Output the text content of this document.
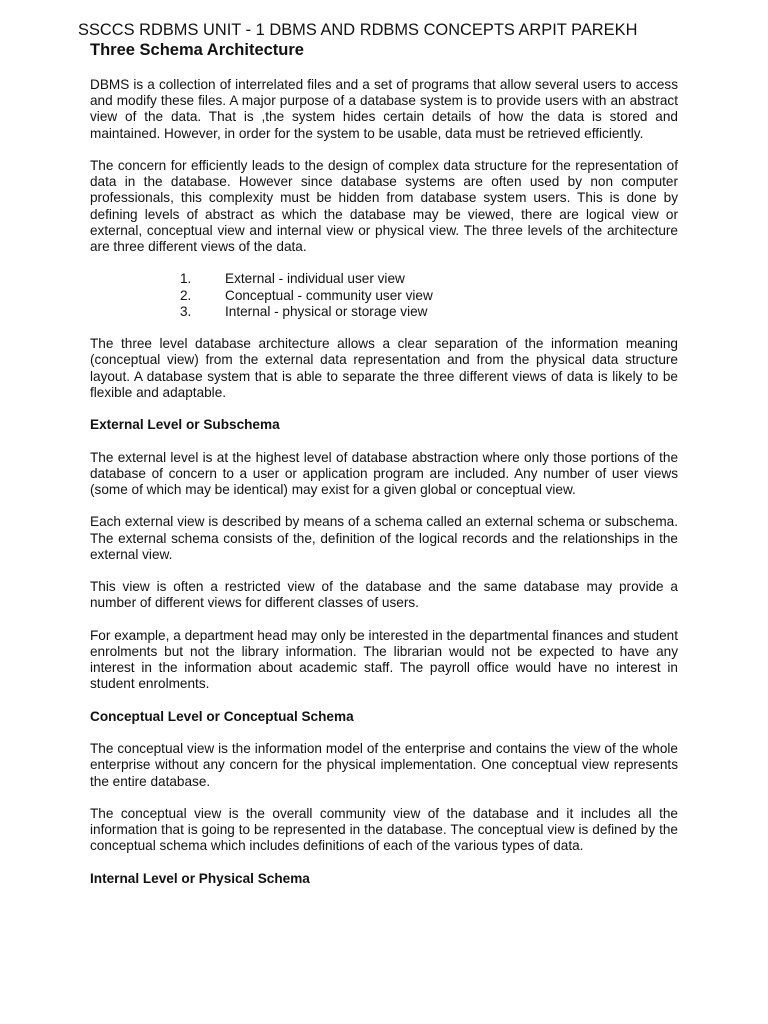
SSCCS RDBMS UNIT - 1 DBMS AND RDBMS CONCEPTS ARPIT PAREKH
Three Schema Architecture

DBMS is a collection of interrelated files and a set of programs that allow several users to access and modify these files. A major purpose of a database system is to provide users with an abstract view of the data. That is ,the system hides certain details of how the data is stored and maintained. However, in order for the system to be usable, data must be retrieved efficiently.

The concern for efficiently leads to the design of complex data structure for the representation of data in the database. However since database systems are often used by non computer professionals, this complexity must be hidden from database system users. This is done by defining levels of abstract as which the database may be viewed, there are logical view or external, conceptual view and internal view or physical view. The three levels of the architecture are three different views of the data.

1. External - individual user view
2. Conceptual - community user view
3. Internal - physical or storage view

The three level database architecture allows a clear separation of the information meaning (conceptual view) from the external data representation and from the physical data structure layout. A database system that is able to separate the three different views of data is likely to be flexible and adaptable.

External Level or Subschema

The external level is at the highest level of database abstraction where only those portions of the database of concern to a user or application program are included. Any number of user views (some of which may be identical) may exist for a given global or conceptual view.

Each external view is described by means of a schema called an external schema or subschema. The external schema consists of the, definition of the logical records and the relationships in the external view.

This view is often a restricted view of the database and the same database may provide a number of different views for different classes of users.

For example, a department head may only be interested in the departmental finances and student enrolments but not the library information. The librarian would not be expected to have any interest in the information about academic staff. The payroll office would have no interest in student enrolments.

Conceptual Level or Conceptual Schema

The conceptual view is the information model of the enterprise and contains the view of the whole enterprise without any concern for the physical implementation. One conceptual view represents the entire database.

The conceptual view is the overall community view of the database and it includes all the information that is going to be represented in the database. The conceptual view is defined by the conceptual schema which includes definitions of each of the various types of data.

Internal Level or Physical Schema
